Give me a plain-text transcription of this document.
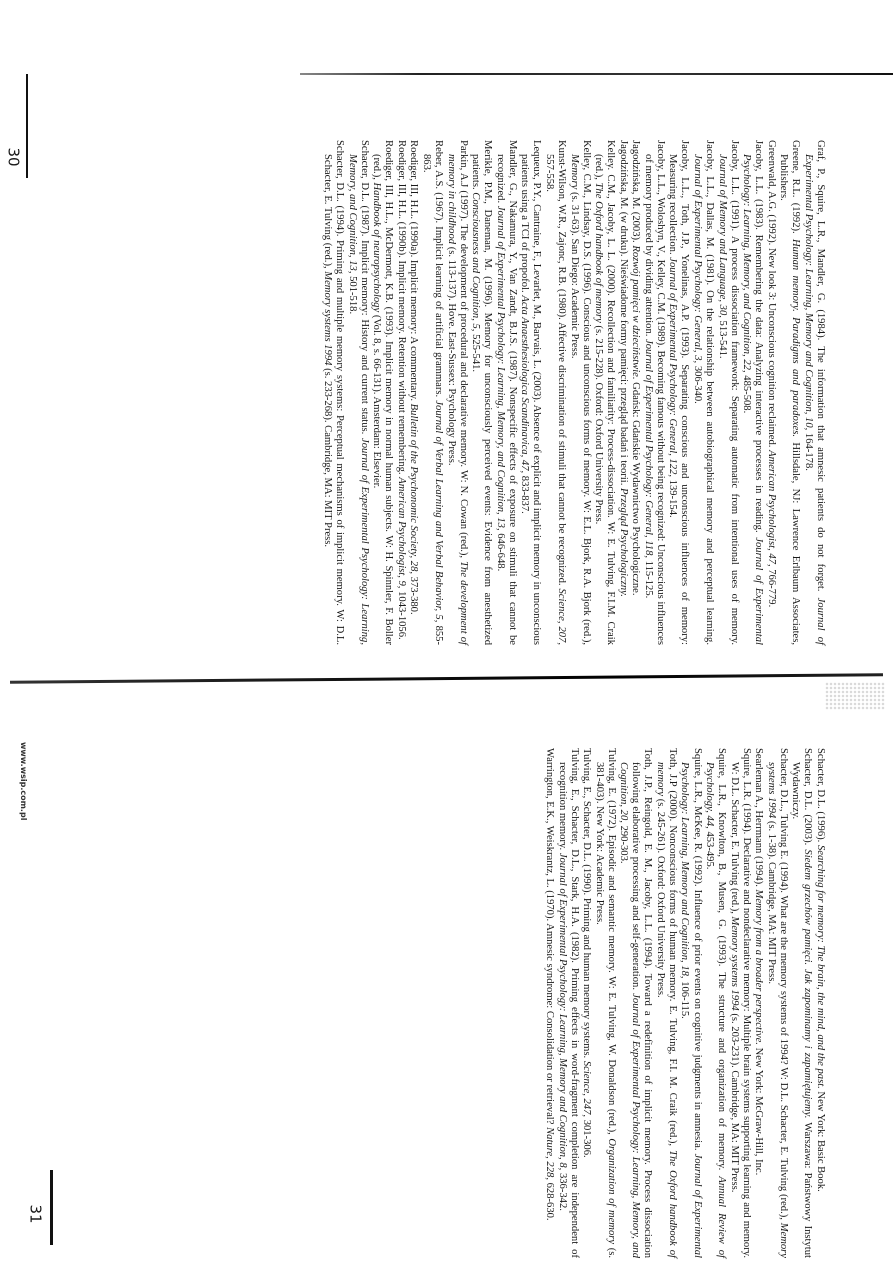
30
31
www.wsip.com.pl

Graf, P., Squire, L.R., Mandler, G. (1984). The information that amnesic patients do not forget. Journal of Experimental Psychology: Learning, Memory and Cognition, 10, 164-178.

Greene, R.L. (1992). Human memory. Paradigms and paradoxes. Hillsdale, NJ: Lawrence Erlbaum Associates, Publishers.

Greenwald, A.G. (1992). New look 3: Unconscious cognition reclaimed. American Psychologist, 47, 766-779.

Jacoby, L.L. (1983). Remembering the data: Analyzing interactive processes in reading. Journal of Experimental Psychology: Learning, Memory, and Cognition, 22, 485-508.

Jacoby, L.L. (1991). A process dissociation framework: Separating automatic from intentional uses of memory. Journal of Memory and Language, 30, 513-541.

Jacoby, L.L., Dallas, M. (1981). On the relationship between autobiographical memory and perceptual learning. Journal of Experimental Psychology: General, 3, 306-340.

Jacoby, L.L., Toth, J.P., Yonelinas, A.P. (1993). Separating conscious and unconscious influences of memory: Measuring recollection. Journal of Experimental Psychology: General, 122, 139-154.

Jacoby, L.L., Woloshyn, V., Kelley, C.M. (1989). Becoming famous without being recognized: Unconscious influences of memory produced by dividing attention. Journal of Experimental Psychology: General, 118, 115-125.

Jagodzińska, M. (2003). Rozwój pamięci w dzieciństwie. Gdańsk: Gdańskie Wydawnictwo Psychologiczne.

Jagodzińska, M. (w druku). Nieświadome formy pamięci: przegląd badań i teorii. Przegląd Psychologiczny.

Kelley. C.M., Jacoby, L. L. (2000). Recollection and familiarity: Process-dissociation. W: E. Tulving, F.I.M. Craik (red.), The Oxford handbook of memory (s. 215-228). Oxford: Oxford University Press.

Kelley, C.M., Lindsay, D.S. (1996). Conscious and unconscious forms of memory. W: E.L. Bjork, R.A. Bjork (red.), Memory (s. 31-63). San Diego: Academic Press.

Kunst-Wilson, W.R., Zajonc, R.B. (1980). Affective discrimination of stimuli that cannot be recognized. Science, 207, 557-558.

Lequeux, P.Y., Cantraine, F., Levarlet, M., Barvais, L. (2003). Absence of explicit and implicit memory in unconscious patients using a TCI of propofol. Acta Anaesthesiologica Scandinavica, 47, 833-837.

Mandler, G., Nakamura, Y., Van Zandt, B.J.S. (1987). Nonspecific effects of exposure on stimuli that cannot be recognized. Journal of Experimental Psychology: Learning, Memory, and Cognition, 13, 646-648.

Merikle, P.M., Daneman, M. (1996). Memory for unconsciously perceived events: Evidence from anesthetized patients. Consciousness and Cognition, 5, 525-541.

Parkin, A.J (1997). The development of procedural and declarative memory. W: N. Cowan (red.), The development of memory in childhood (s. 113-137). Hove. East-Sussex: Psychology Press.

Reber, A.S. (1967). Implicit learning of artificial grammars. Journal of Verbal Learning and Verbal Behavior, 5, 855-863.

Roediger, III, H.L. (1990a). Implicit memory: A commentary. Bulletin of the Psychonomic Society, 28, 373-380.

Roediger, III, H.L. (1990b). Implicit memory. Retention without remembering. American Psychologist, 9, 1043-1056.

Roediger, III, H.L., McDermott, K.B. (1993). Implicit memory in normal human subjects. W: H. Spinnler, F. Boller (red.), Handbook of neuropsychology (Vol. 8, s. 66-131). Amsterdam: Elsevier.

Schacter, D.L. (1987). Implicit memory: History and current status. Journal of Experimental Psychology: Learning, Memory, and Cognition, 13, 501-518.

Schacter, D.L. (1994). Priming and multiple memory systems: Perceptual mechanisms of implicit memory. W: D.L. Schacter, E. Tulving (red.), Memory systems 1994 (s. 233-268). Cambridge, MA: MIT Press.

Schacter, D.L. (1996). Searching for memory: The brain, the mind, and the past. New York: Basic Book.

Schacter, D.L. (2003). Siedem grzechów pamięci. Jak zapominamy i zapamiętujemy. Warszawa: Państwowy Instytut Wydawniczy.

Schacter, D.L., Tulving E. (1994). What are the memory systems of 1994? W: D.L. Schacter, E. Tulving (red.), Memory systems 1994 (s. 1-38). Cambridge, MA: MIT Press.

Searleman A., Herrmann (1994). Memory from a broader perspective. New York: McGraw-Hill, Inc.

Squire, L.R. (1994). Declarative and nondeclarative memory: Multiple brain systems supporting learning and memory. W: D.L. Schacter, E. Tulving (red.), Memory systems 1994 (s. 203-231). Cambridge, MA: MIT Press.

Squire, L.R., Knowlton, B., Musen, G. (1993). The structure and organization of memory. Annual Review of Psychology, 44, 453-495.

Squire, L.R., McKee, R. (1992). Influence of prior events on cognitive judgments in amnesia. Journal of Experimental Psychology: Learning, Memory and Cognition, 18, 106-115.

Toth, J.P (2000). Nonconscious forms of human memory. E. Tulving, F.I. M. Craik (red.), The Oxford handbook of memory (s. 245-261). Oxford: Oxford University Press.

Toth, J.P., Reingold, E. M., Jacoby, L.L. (1994). Toward a redefinition of implicit memory. Process dissociation following elaborative processing and self-generation. Journal of Experimental Psychology: Learning, Memory, and Cognition, 20, 290-303.

Tulving, E. (1972). Episodic and semantic memory. W: E. Tulving, W. Donaldson (red.), Organization of memory (s. 381-403). New York: Academic Press.

Tulving, E., Schacter, D.L. (1990). Priming and human memory systems. Science, 247, 301-306.

Tulving, E., Schacter, D.L., Stark, H.A. (1982). Priming effects in word-fragment completion are independent of recognition memory. Journal of Experimental Psychology: Learning, Memory and Cognition, 8, 336-342.

Warrington, E.K., Weiskrantz, L. (1970). Amnesic syndrome: Consolidation or retrieval? Nature, 228, 628-630.
